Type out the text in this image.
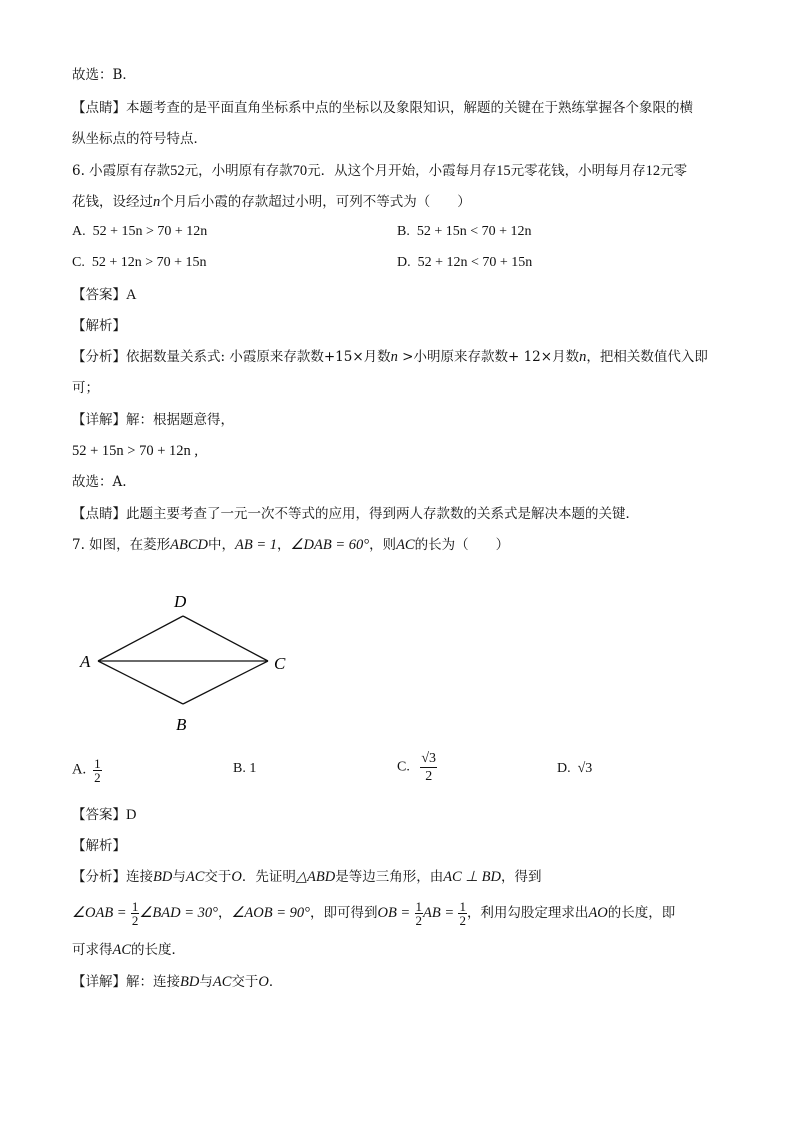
故选：B．
【点睛】本题考查的是平面直角坐标系中点的坐标以及象限知识，解题的关键在于熟练掌握各个象限的横
纵坐标点的符号特点．
6. 小霞原有存款52元，小明原有存款70元．从这个月开始，小霞每月存15元零花钱，小明每月存12元零
花钱，设经过n个月后小霞的存款超过小明，可列不等式为（　　）
A. 52 + 15n > 70 + 12n	B. 52 + 15n < 70 + 12n
C. 52 + 12n > 70 + 15n	D. 52 + 12n < 70 + 15n
【答案】A
【解析】
【分析】依据数量关系式: 小霞原来存款数+15×月数n >小明原来存款数+ 12×月数n，把相关数值代入即
可；
【详解】解：根据题意得，
52 + 15n > 70 + 12n ,
故选：A.
【点睛】此题主要考查了一元一次不等式的应用，得到两人存款数的关系式是解决本题的关键．
7. 如图，在菱形ABCD中，AB = 1，∠DAB = 60°，则AC的长为（　　）
D
A	C
B
A. $\frac{1}{2}$	B. 1	C. $\frac{√3}{2}$	D. √3
【答案】D
【解析】
【分析】连接BD与AC交于O．先证明△ABD是等边三角形，由AC ⊥ BD，得到
∠OAB = $\frac{1}{2}$ ∠BAD = 30°，∠AOB = 90°，即可得到OB = $\frac{1}{2}$ AB = $\frac{1}{2}$ ，利用勾股定理求出AO的长度，即
可求得AC的长度．
【详解】解：连接BD与AC交于O．
